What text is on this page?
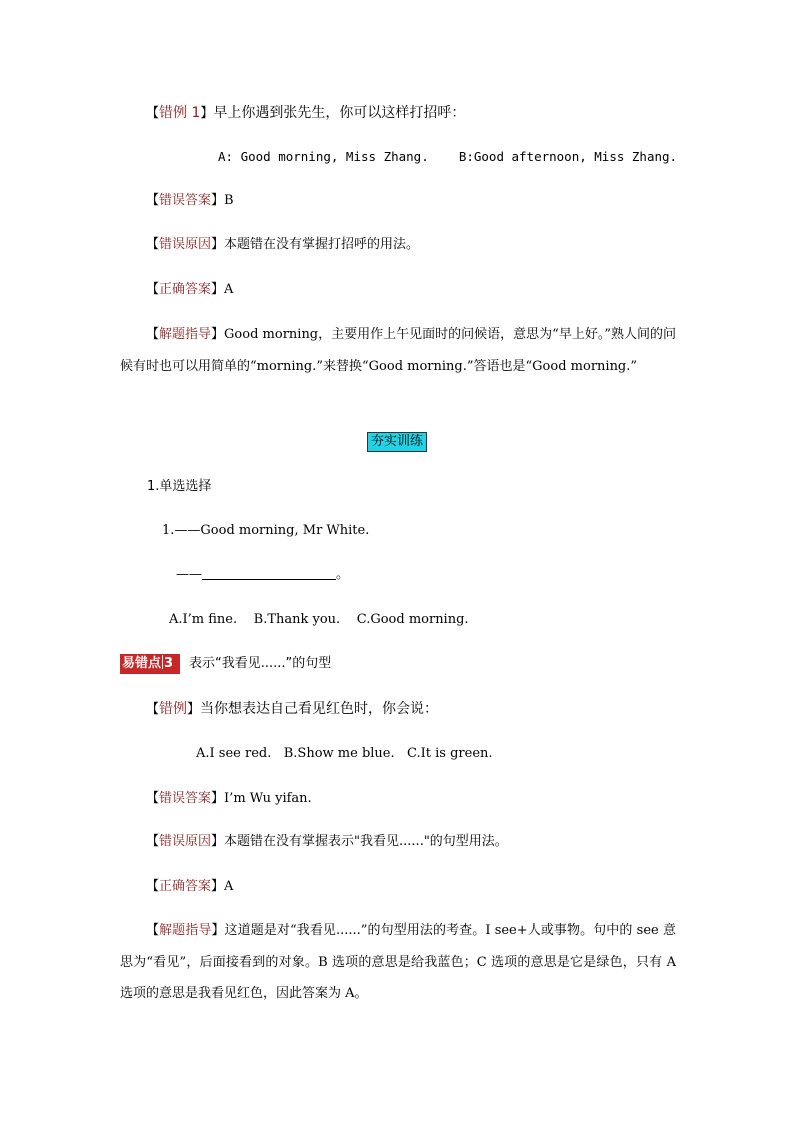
【错例 1】早上你遇到张先生，你可以这样打招呼：
A: Good morning, Miss Zhang.    B:Good afternoon, Miss Zhang.
【错误答案】B
【错误原因】本题错在没有掌握打招呼的用法。
【正确答案】A
【解题指导】Good morning，主要用作上午见面时的问候语，意思为“早上好。”熟人间的问候有时也可以用简单的“morning.”来替换“Good morning.”答语也是“Good morning.”
夯实训练
1.单选选择
1.——Good morning, Mr White.
——	。
A.I’m fine.    B.Thank you.    C.Good morning.
易错点 3	表示“我看见......”的句型
【错例】当你想表达自己看见红色时，你会说：
A.I see red.   B.Show me blue.   C.It is green.
【错误答案】I’m Wu yifan.
【错误原因】本题错在没有掌握表示"我看见......"的句型用法。
【正确答案】A
【解题指导】这道题是对“我看见......”的句型用法的考查。I see+人或事物。句中的 see 意思为“看见”，后面接看到的对象。B 选项的意思是给我蓝色；C 选项的意思是它是绿色，只有 A 选项的意思是我看见红色，因此答案为 A。
